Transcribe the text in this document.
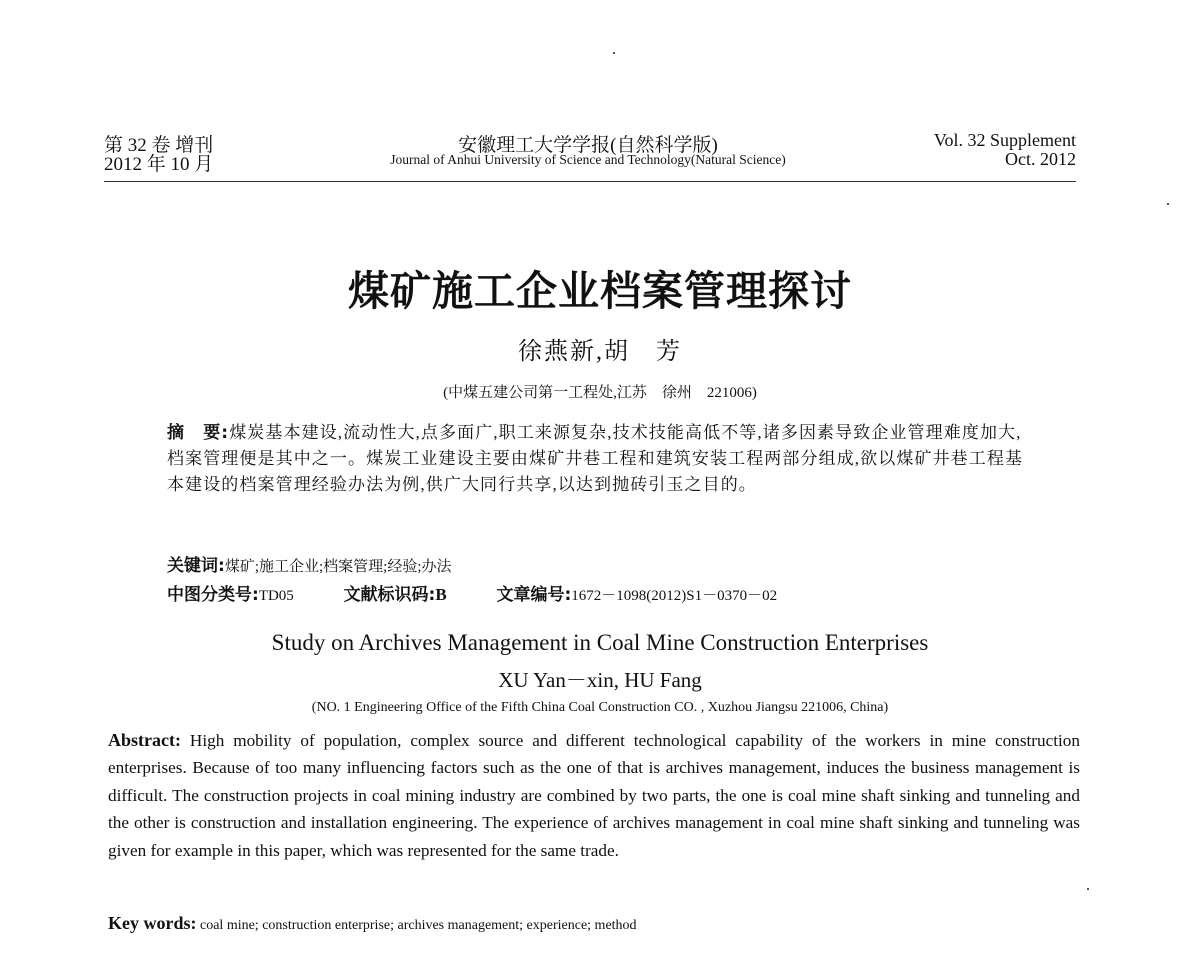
第 32 卷 增刊
2012 年 10 月
安徽理工大学学报(自然科学版)
Journal of Anhui University of Science and Technology(Natural Science)
Vol. 32 Supplement
Oct. 2012
煤矿施工企业档案管理探讨
徐燕新,胡　芳
(中煤五建公司第一工程处,江苏　徐州　221006)
摘　要:煤炭基本建设,流动性大,点多面广,职工来源复杂,技术技能高低不等,诸多因素导致企业管理难度加大,档案管理便是其中之一。煤炭工业建设主要由煤矿井巷工程和建筑安装工程两部分组成,欲以煤矿井巷工程基本建设的档案管理经验办法为例,供广大同行共享,以达到抛砖引玉之目的。
关键词:煤矿;施工企业;档案管理;经验;办法
中图分类号:TD05	文献标识码:B	文章编号:1672－1098(2012)S1－0370－02
Study on Archives Management in Coal Mine Construction Enterprises
XU Yan－xin, HU Fang
(NO. 1 Engineering Office of the Fifth China Coal Construction CO. , Xuzhou Jiangsu 221006, China)
Abstract: High mobility of population, complex source and different technological capability of the workers in mine construction enterprises. Because of too many influencing factors such as the one of that is archives management, induces the business management is difficult. The construction projects in coal mining industry are combined by two parts, the one is coal mine shaft sinking and tunneling and the other is construction and installation engineering. The experience of archives management in coal mine shaft sinking and tunneling was given for example in this paper, which was represented for the same trade.
Key words: coal mine; construction enterprise; archives management; experience; method
